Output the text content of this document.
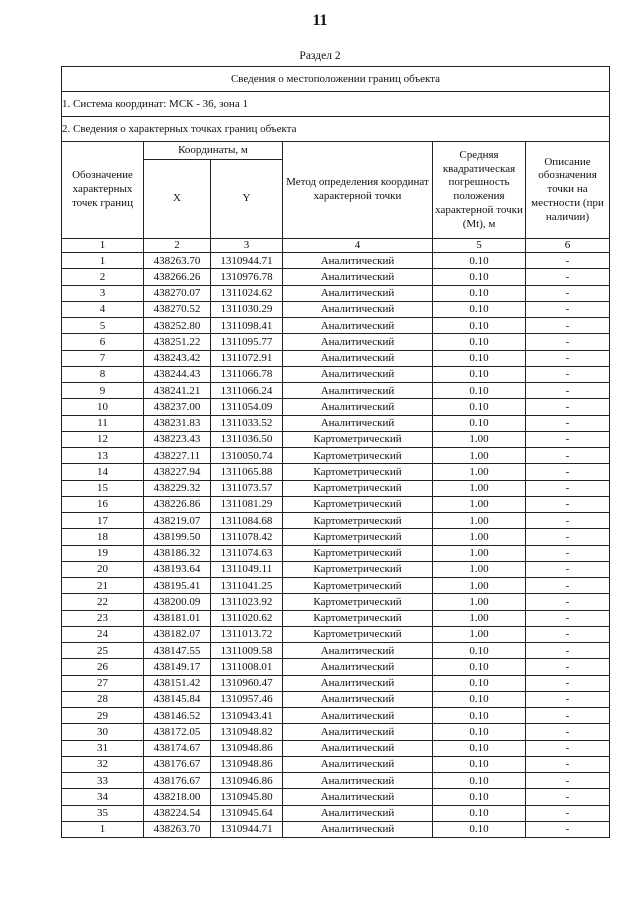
11
Раздел 2
Сведения о местоположении границ объекта					
1. Система координат: МСК - 36, зона 1					
2. Сведения о характерных точках границ объекта					
Обозначение характерных точек границ	Координаты, м		Метод определения координат характерной точки	Средняя квадратическая погрешность положения характерной точки (Mt), м	Описание обозначения точки на местности (при наличии)
	X	Y			
1	2	3	4	5	6
1	438263.70	1310944.71	Аналитический	0.10	-
2	438266.26	1310976.78	Аналитический	0.10	-
3	438270.07	1311024.62	Аналитический	0.10	-
4	438270.52	1311030.29	Аналитический	0.10	-
5	438252.80	1311098.41	Аналитический	0.10	-
6	438251.22	1311095.77	Аналитический	0.10	-
7	438243.42	1311072.91	Аналитический	0.10	-
8	438244.43	1311066.78	Аналитический	0.10	-
9	438241.21	1311066.24	Аналитический	0.10	-
10	438237.00	1311054.09	Аналитический	0.10	-
11	438231.83	1311033.52	Аналитический	0.10	-
12	438223.43	1311036.50	Картометрический	1.00	-
13	438227.11	1310050.74	Картометрический	1.00	-
14	438227.94	1311065.88	Картометрический	1.00	-
15	438229.32	1311073.57	Картометрический	1.00	-
16	438226.86	1311081.29	Картометрический	1.00	-
17	438219.07	1311084.68	Картометрический	1.00	-
18	438199.50	1311078.42	Картометрический	1.00	-
19	438186.32	1311074.63	Картометрический	1.00	-
20	438193.64	1311049.11	Картометрический	1.00	-
21	438195.41	1311041.25	Картометрический	1.00	-
22	438200.09	1311023.92	Картометрический	1.00	-
23	438181.01	1311020.62	Картометрический	1.00	-
24	438182.07	1311013.72	Картометрический	1.00	-
25	438147.55	1311009.58	Аналитический	0.10	-
26	438149.17	1311008.01	Аналитический	0.10	-
27	438151.42	1310960.47	Аналитический	0.10	-
28	438145.84	1310957.46	Аналитический	0.10	-
29	438146.52	1310943.41	Аналитический	0.10	-
30	438172.05	1310948.82	Аналитический	0.10	-
31	438174.67	1310948.86	Аналитический	0.10	-
32	438176.67	1310948.86	Аналитический	0.10	-
33	438176.67	1310946.86	Аналитический	0.10	-
34	438218.00	1310945.80	Аналитический	0.10	-
35	438224.54	1310945.64	Аналитический	0.10	-
1	438263.70	1310944.71	Аналитический	0.10	-
